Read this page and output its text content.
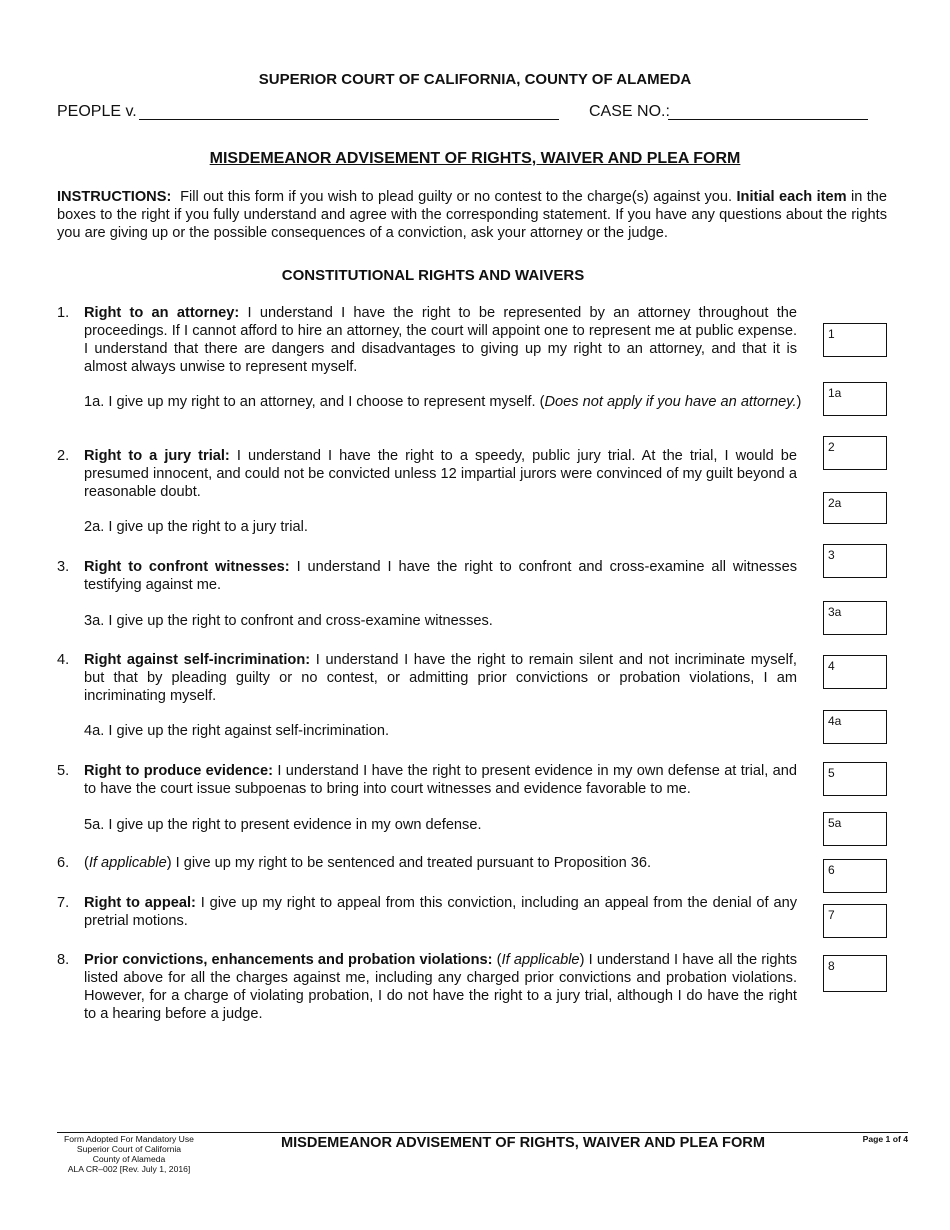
SUPERIOR COURT OF CALIFORNIA, COUNTY OF ALAMEDA
PEOPLE v.	CASE NO.:
MISDEMEANOR ADVISEMENT OF RIGHTS, WAIVER AND PLEA FORM
INSTRUCTIONS: Fill out this form if you wish to plead guilty or no contest to the charge(s) against you. Initial each item in the boxes to the right if you fully understand and agree with the corresponding statement. If you have any questions about the rights you are giving up or the possible consequences of a conviction, ask your attorney or the judge.
CONSTITUTIONAL RIGHTS AND WAIVERS
1. Right to an attorney: I understand I have the right to be represented by an attorney throughout the proceedings. If I cannot afford to hire an attorney, the court will appoint one to represent me at public expense. I understand that there are dangers and disadvantages to giving up my right to an attorney, and that it is almost always unwise to represent myself.
1a. I give up my right to an attorney, and I choose to represent myself. (Does not apply if you have an attorney.)
2. Right to a jury trial: I understand I have the right to a speedy, public jury trial. At the trial, I would be presumed innocent, and could not be convicted unless 12 impartial jurors were convinced of my guilt beyond a reasonable doubt.
2a. I give up the right to a jury trial.
3. Right to confront witnesses: I understand I have the right to confront and cross-examine all witnesses testifying against me.
3a. I give up the right to confront and cross-examine witnesses.
4. Right against self-incrimination: I understand I have the right to remain silent and not incriminate myself, but that by pleading guilty or no contest, or admitting prior convictions or probation violations, I am incriminating myself.
4a. I give up the right against self-incrimination.
5. Right to produce evidence: I understand I have the right to present evidence in my own defense at trial, and to have the court issue subpoenas to bring into court witnesses and evidence favorable to me.
5a. I give up the right to present evidence in my own defense.
6. (If applicable) I give up my right to be sentenced and treated pursuant to Proposition 36.
7. Right to appeal: I give up my right to appeal from this conviction, including an appeal from the denial of any pretrial motions.
8. Prior convictions, enhancements and probation violations: (If applicable) I understand I have all the rights listed above for all the charges against me, including any charged prior convictions and probation violations. However, for a charge of violating probation, I do not have the right to a jury trial, although I do have the right to a hearing before a judge.
1
1a
2
2a
3
3a
4
4a
5
5a
6
7
8
Form Adopted For Mandatory Use
Superior Court of California
County of Alameda
ALA CR–002 [Rev. July 1, 2016]
MISDEMEANOR ADVISEMENT OF RIGHTS, WAIVER AND PLEA FORM	Page 1 of 4
